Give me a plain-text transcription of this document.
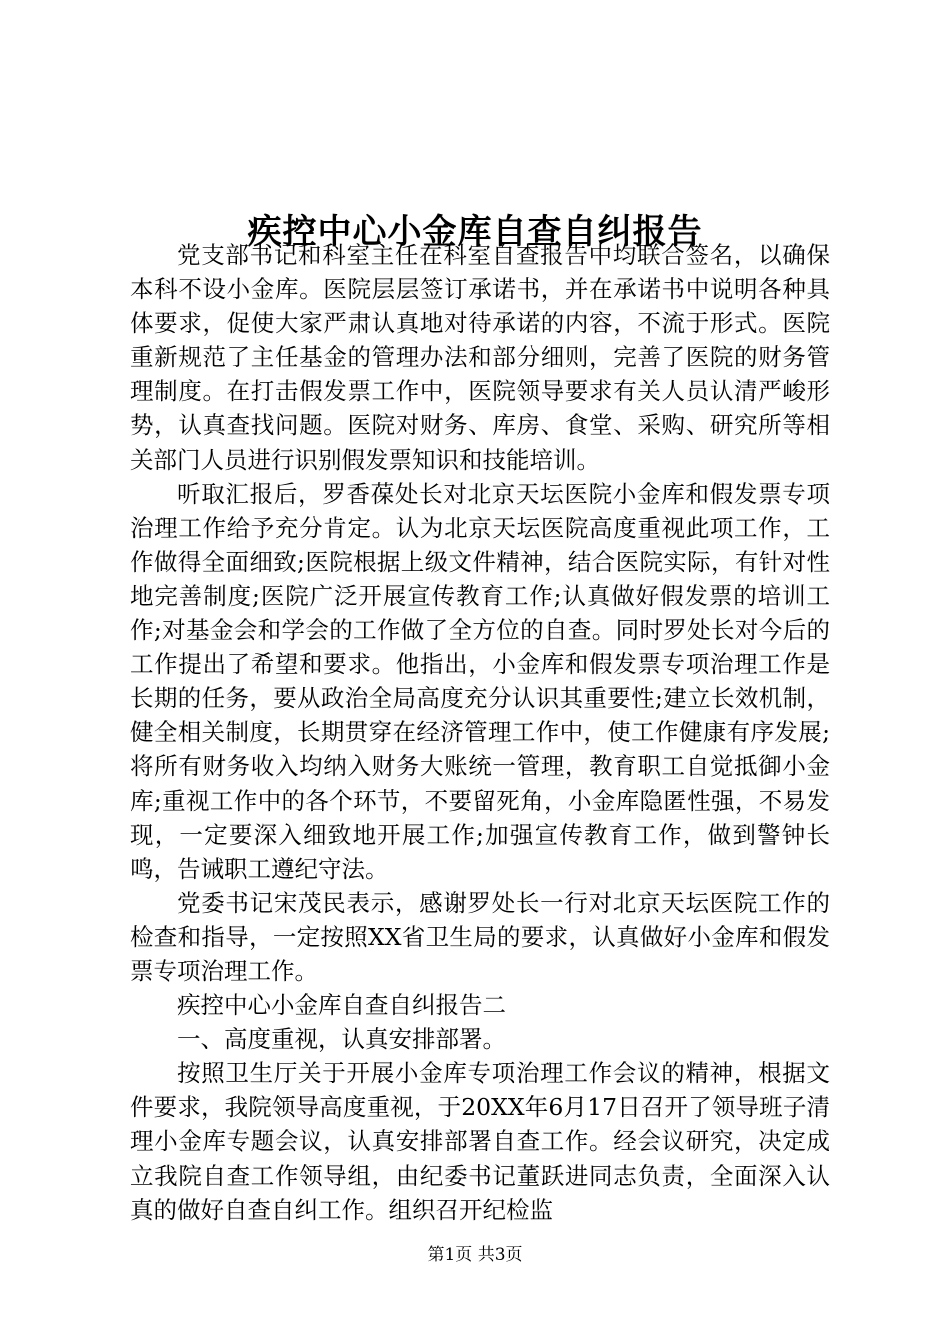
疾控中心小金库自查自纠报告

党支部书记和科室主任在科室自查报告中均联合签名，以确保本科不设小金库。医院层层签订承诺书，并在承诺书中说明各种具体要求，促使大家严肃认真地对待承诺的内容，不流于形式。医院重新规范了主任基金的管理办法和部分细则，完善了医院的财务管理制度。在打击假发票工作中，医院领导要求有关人员认清严峻形势，认真查找问题。医院对财务、库房、食堂、采购、研究所等相关部门人员进行识别假发票知识和技能培训。

听取汇报后，罗香葆处长对北京天坛医院小金库和假发票专项治理工作给予充分肯定。认为北京天坛医院高度重视此项工作，工作做得全面细致;医院根据上级文件精神，结合医院实际，有针对性地完善制度;医院广泛开展宣传教育工作;认真做好假发票的培训工作;对基金会和学会的工作做了全方位的自查。同时罗处长对今后的工作提出了希望和要求。他指出，小金库和假发票专项治理工作是长期的任务，要从政治全局高度充分认识其重要性;建立长效机制，健全相关制度，长期贯穿在经济管理工作中，使工作健康有序发展;将所有财务收入均纳入财务大账统一管理，教育职工自觉抵御小金库;重视工作中的各个环节，不要留死角，小金库隐匿性强，不易发现，一定要深入细致地开展工作;加强宣传教育工作，做到警钟长鸣，告诫职工遵纪守法。

党委书记宋茂民表示，感谢罗处长一行对北京天坛医院工作的检查和指导，一定按照XX省卫生局的要求，认真做好小金库和假发票专项治理工作。

疾控中心小金库自查自纠报告二

一、高度重视，认真安排部署。

按照卫生厅关于开展小金库专项治理工作会议的精神，根据文件要求，我院领导高度重视，于20XX年6月17日召开了领导班子清理小金库专题会议，认真安排部署自查工作。经会议研究，决定成立我院自查工作领导组，由纪委书记董跃进同志负责，全面深入认真的做好自查自纠工作。组织召开纪检监

第1页 共3页
